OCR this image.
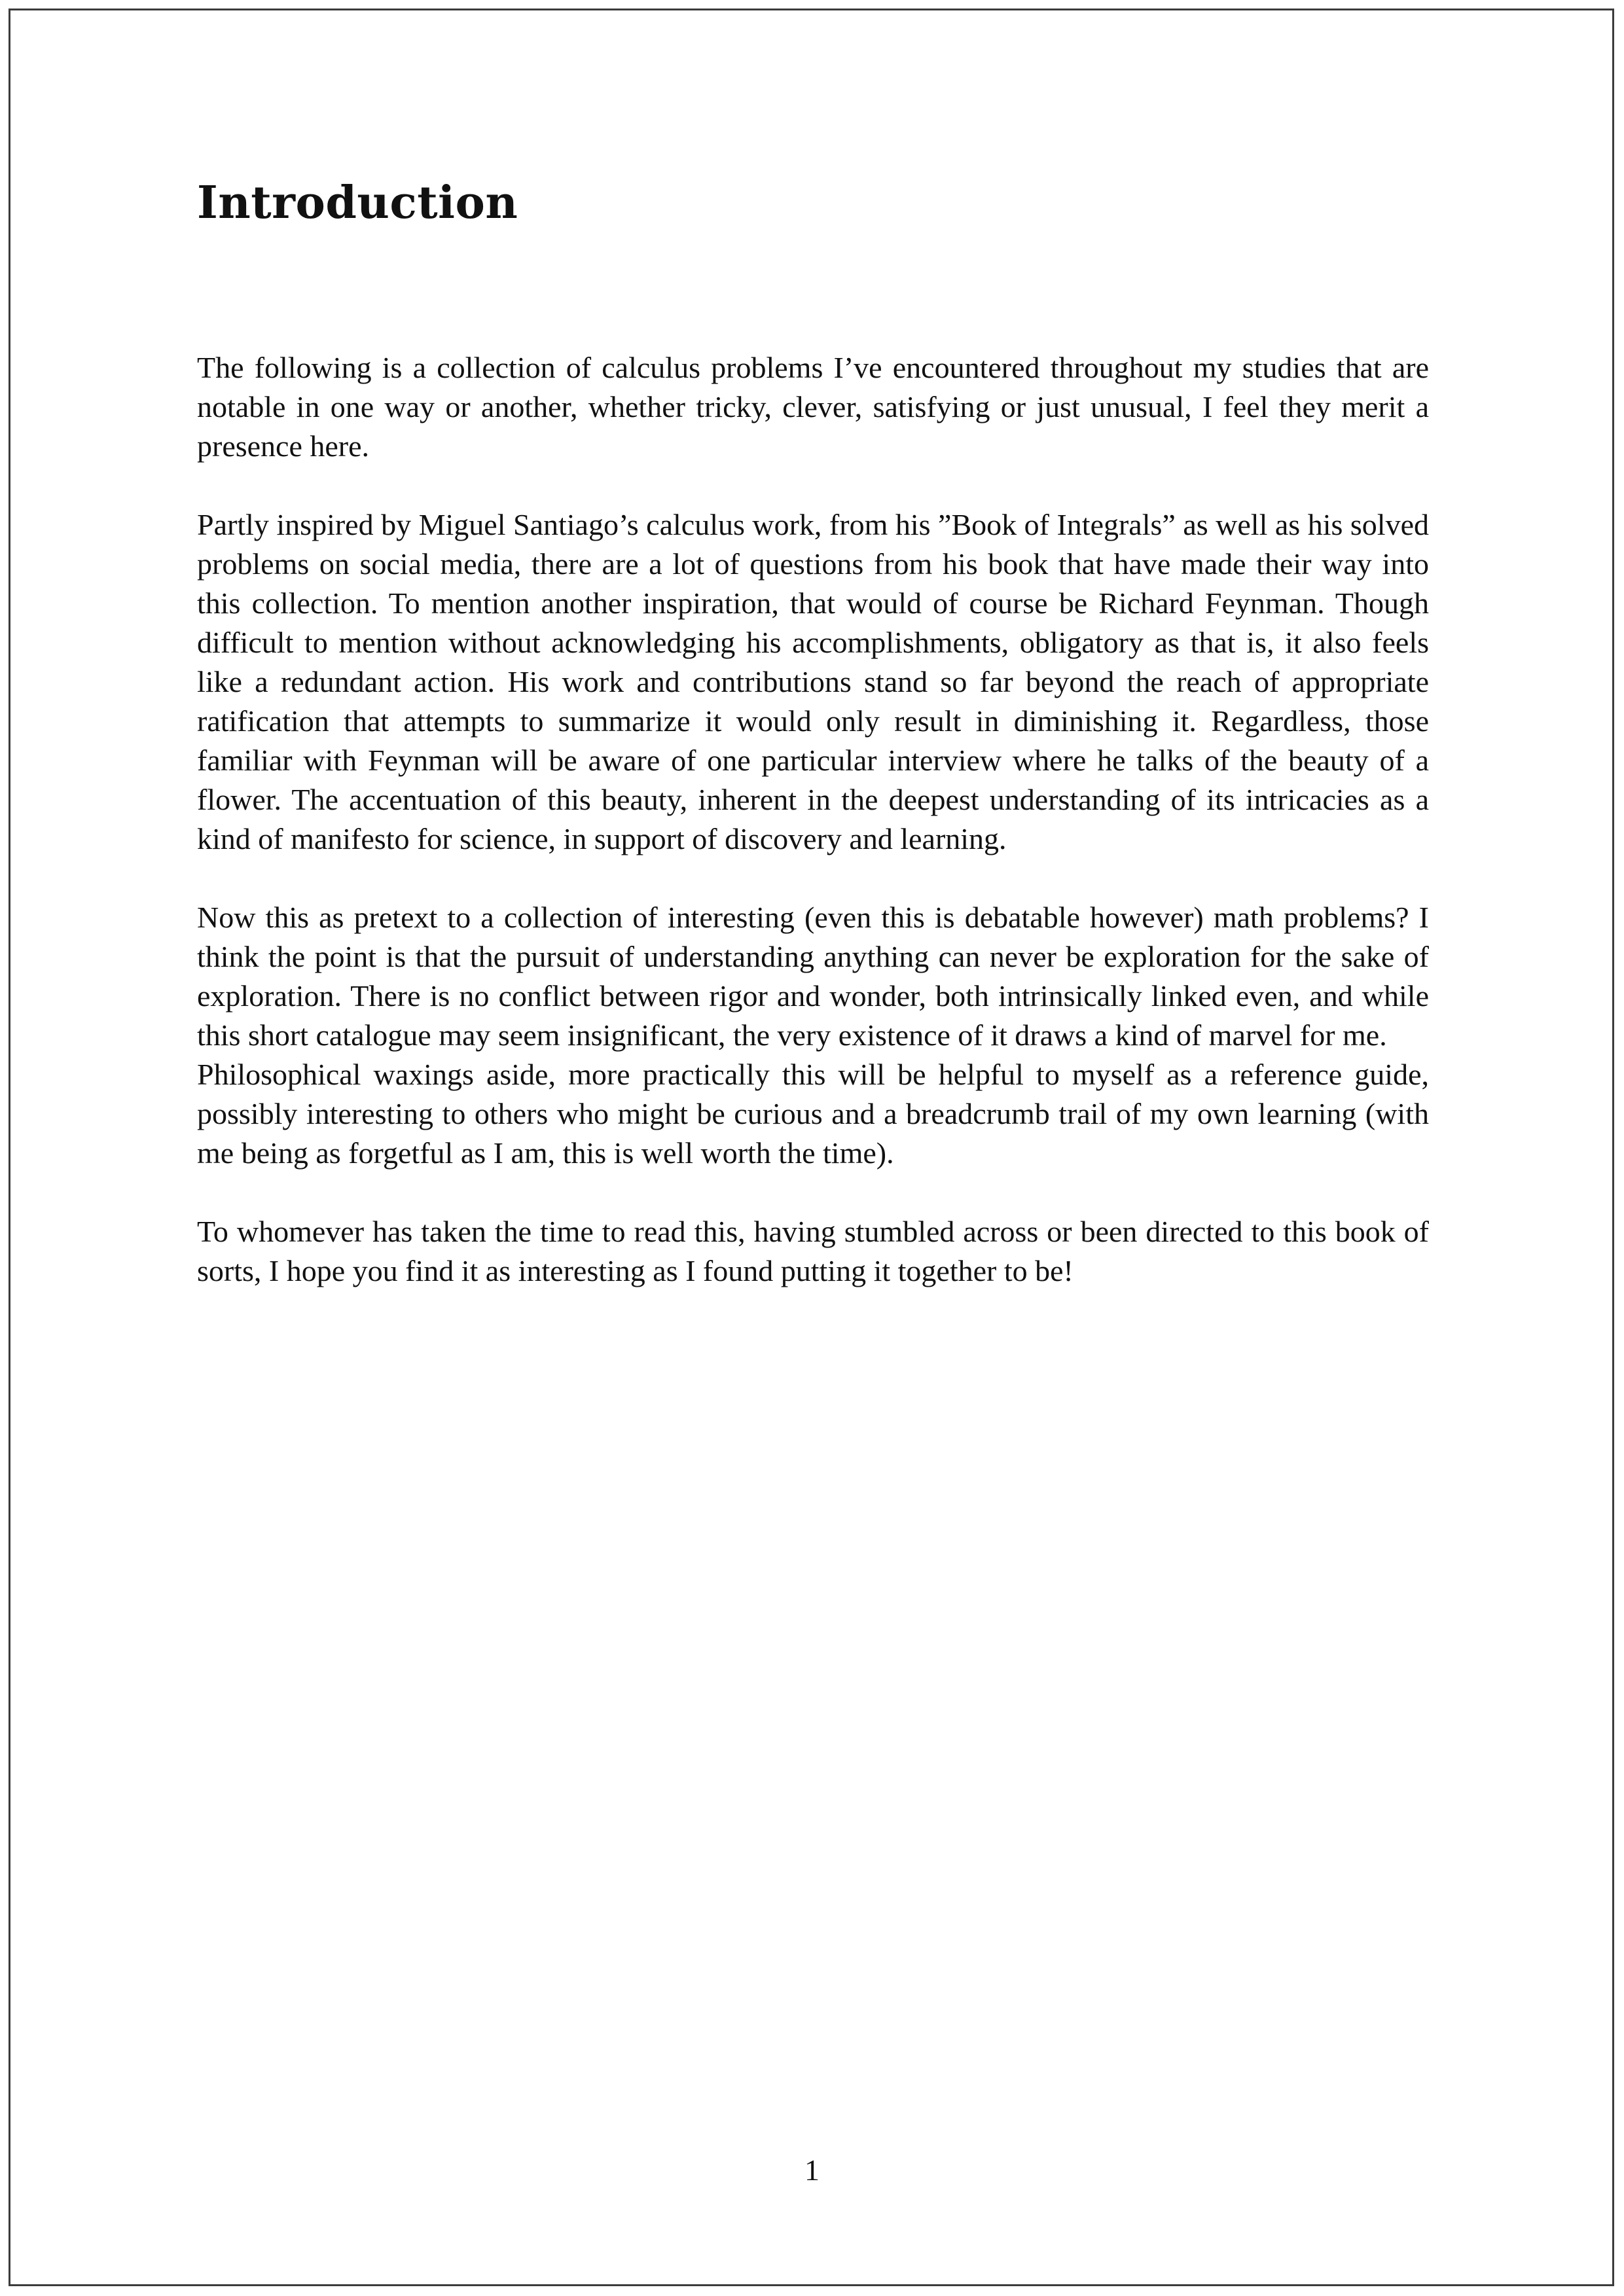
Introduction

The following is a collection of calculus problems I’ve encountered throughout my studies that are notable in one way or another, whether tricky, clever, satisfying or just unusual, I feel they merit a presence here.

Partly inspired by Miguel Santiago’s calculus work, from his ”Book of Integrals” as well as his solved problems on social media, there are a lot of questions from his book that have made their way into this collection. To mention another inspiration, that would of course be Richard Feynman. Though difficult to mention without acknowledging his accomplishments, obligatory as that is, it also feels like a redundant action. His work and contributions stand so far beyond the reach of appropriate ratification that attempts to summarize it would only result in diminishing it. Regardless, those familiar with Feynman will be aware of one particular interview where he talks of the beauty of a flower. The accentuation of this beauty, inherent in the deepest understanding of its intricacies as a kind of manifesto for science, in support of discovery and learning.

Now this as pretext to a collection of interesting (even this is debatable however) math problems? I think the point is that the pursuit of understanding anything can never be exploration for the sake of exploration. There is no conflict between rigor and wonder, both intrinsically linked even, and while this short catalogue may seem insignificant, the very existence of it draws a kind of marvel for me.

Philosophical waxings aside, more practically this will be helpful to myself as a reference guide, possibly interesting to others who might be curious and a breadcrumb trail of my own learning (with me being as forgetful as I am, this is well worth the time).

To whomever has taken the time to read this, having stumbled across or been directed to this book of sorts, I hope you find it as interesting as I found putting it together to be!

1
